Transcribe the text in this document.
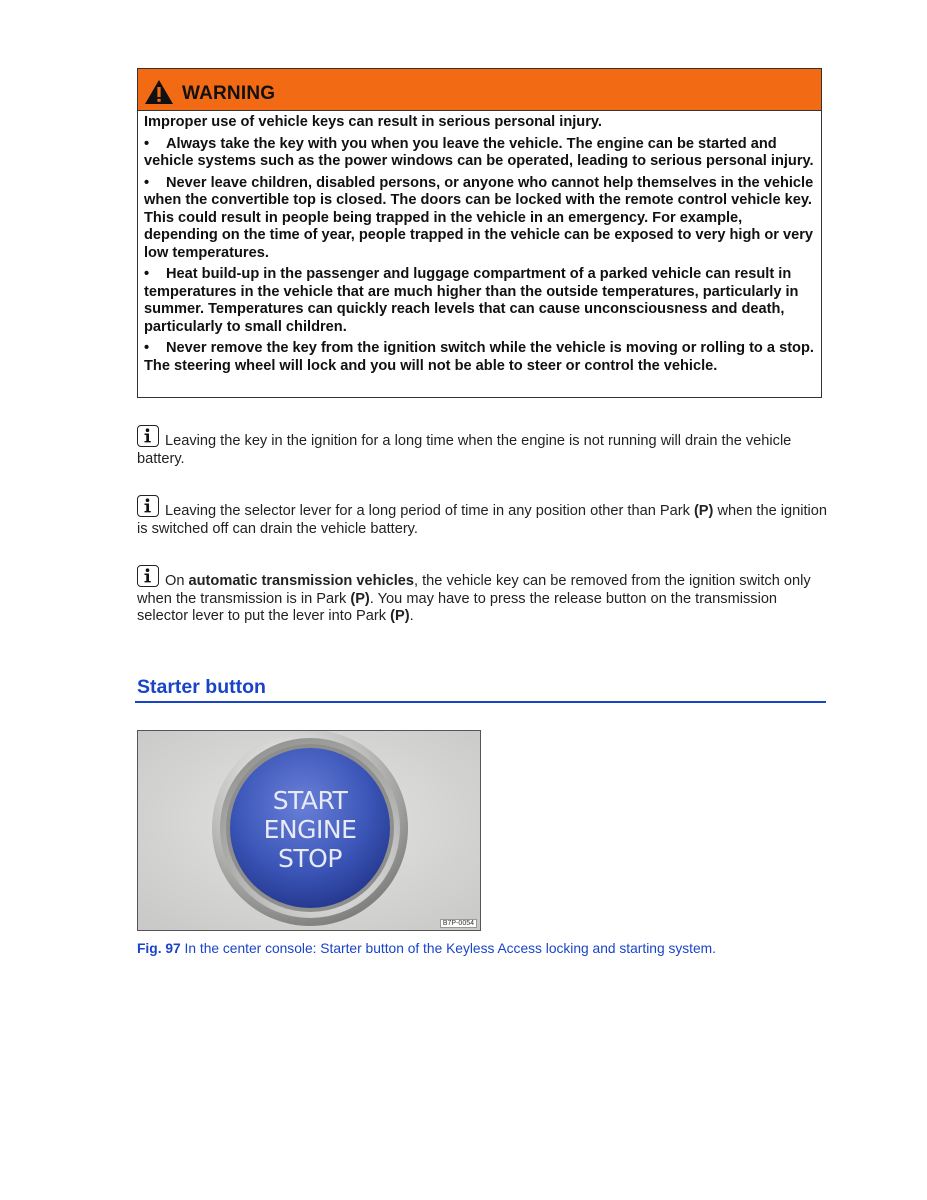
WARNING

Improper use of vehicle keys can result in serious personal injury.

• Always take the key with you when you leave the vehicle. The engine can be started and vehicle systems such as the power windows can be operated, leading to serious personal injury.
• Never leave children, disabled persons, or anyone who cannot help themselves in the vehicle when the convertible top is closed. The doors can be locked with the remote control vehicle key. This could result in people being trapped in the vehicle in an emergency. For example, depending on the time of year, people trapped in the vehicle can be exposed to very high or very low temperatures.
• Heat build-up in the passenger and luggage compartment of a parked vehicle can result in temperatures in the vehicle that are much higher than the outside temperatures, particularly in summer. Temperatures can quickly reach levels that can cause unconsciousness and death, particularly to small children.
• Never remove the key from the ignition switch while the vehicle is moving or rolling to a stop. The steering wheel will lock and you will not be able to steer or control the vehicle.
Leaving the key in the ignition for a long time when the engine is not running will drain the vehicle battery.
Leaving the selector lever for a long period of time in any position other than Park (P) when the ignition is switched off can drain the vehicle battery.
On automatic transmission vehicles, the vehicle key can be removed from the ignition switch only when the transmission is in Park (P). You may have to press the release button on the transmission selector lever to put the lever into Park (P).
Starter button
START
ENGINE
STOP
B7P-0054
Fig. 97 In the center console: Starter button of the Keyless Access locking and starting system.
